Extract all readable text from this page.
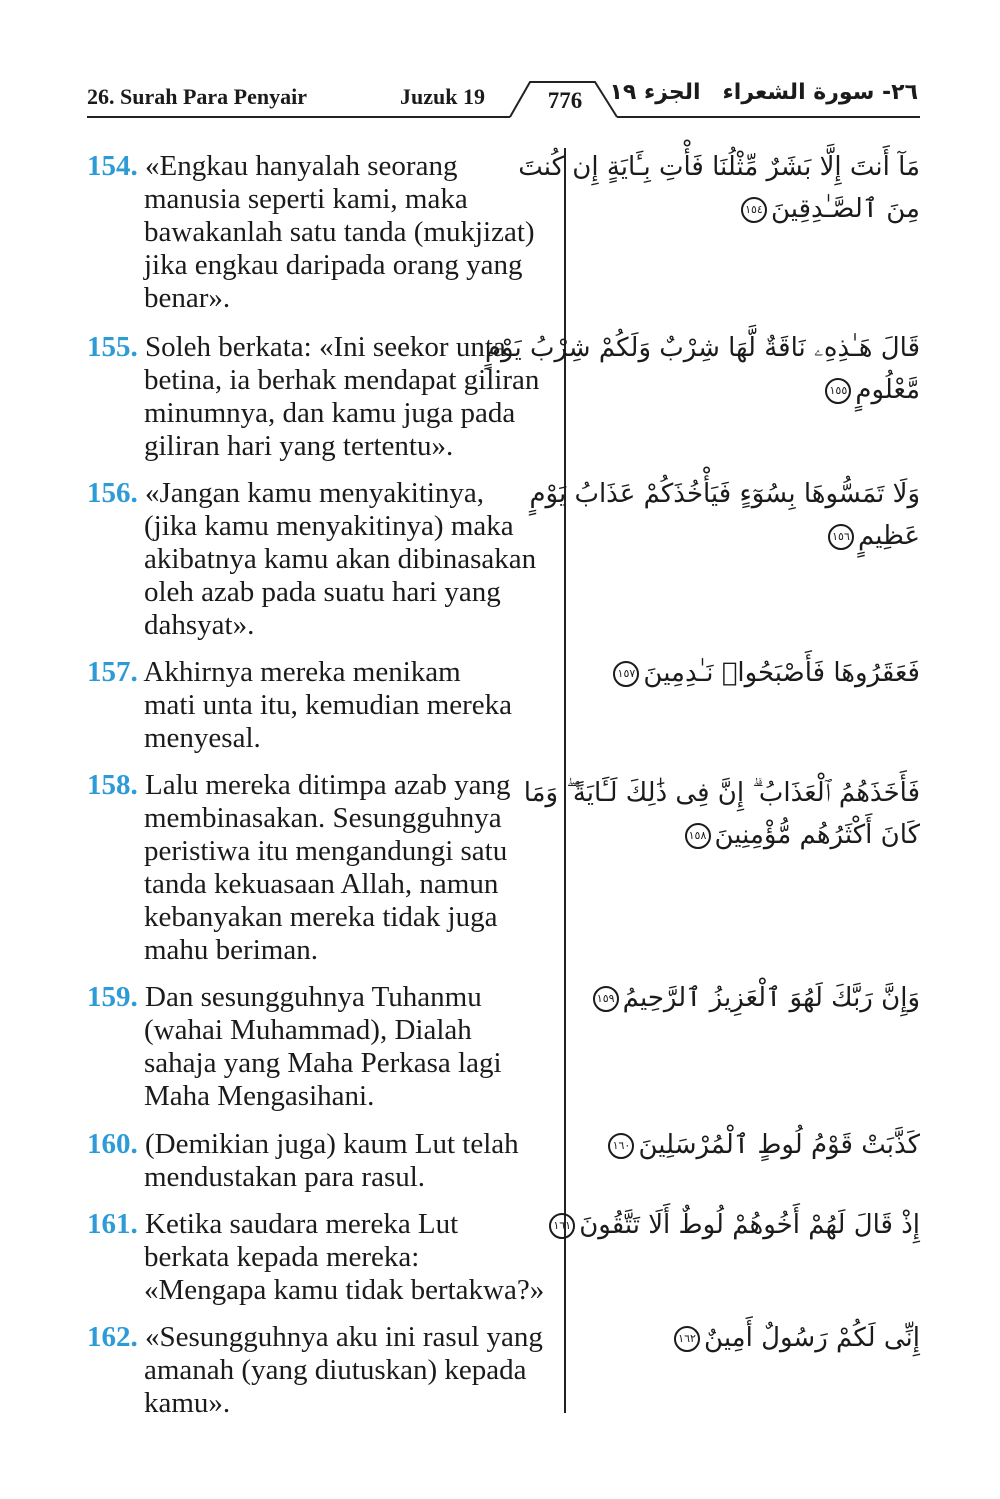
26. Surah Para Penyair	Juzuk 19	776	الجزء ١٩ ٢٦- سورة الشعراء
154. «Engkau hanyalah seorang
manusia seperti kami, maka
bawakanlah satu tanda (mukjizat)
jika engkau daripada orang yang
benar».
مَآ أَنتَ إِلَّا بَشَرٌ مِّثْلُنَا فَأْتِ بِـَٔايَةٍ إِن كُنتَ
مِنَ ٱلصَّـٰدِقِينَ١٥٤
155. Soleh berkata: «Ini seekor unta
betina, ia berhak mendapat giliran
minumnya, dan kamu juga pada
giliran hari yang tertentu».
قَالَ هَـٰذِهِۦ نَاقَةٌ لَّهَا شِرْبٌ وَلَكُمْ شِرْبُ يَوْمٍ
مَّعْلُومٍ١٥٥
156. «Jangan kamu menyakitinya,
(jika kamu menyakitinya) maka
akibatnya kamu akan dibinasakan
oleh azab pada suatu hari yang
dahsyat».
وَلَا تَمَسُّوهَا بِسُوٓءٍ فَيَأْخُذَكُمْ عَذَابُ يَوْمٍ
عَظِيمٍ١٥٦
157. Akhirnya mereka menikam
mati unta itu, kemudian mereka
menyesal.
فَعَقَرُوهَا فَأَصْبَحُوا۟ نَـٰدِمِينَ١٥٧
158. Lalu mereka ditimpa azab yang
membinasakan. Sesungguhnya
peristiwa itu mengandungi satu
tanda kekuasaan Allah, namun
kebanyakan mereka tidak juga
mahu beriman.
فَأَخَذَهُمُ ٱلْعَذَابُ ۗ إِنَّ فِى ذَٰلِكَ لَـَٔايَةً ۖ وَمَا
كَانَ أَكْثَرُهُم مُّؤْمِنِينَ١٥٨
159. Dan sesungguhnya Tuhanmu
(wahai Muhammad), Dialah
sahaja yang Maha Perkasa lagi
Maha Mengasihani.
وَإِنَّ رَبَّكَ لَهُوَ ٱلْعَزِيزُ ٱلرَّحِيمُ١٥٩
160. (Demikian juga) kaum Lut telah
mendustakan para rasul.
كَذَّبَتْ قَوْمُ لُوطٍ ٱلْمُرْسَلِينَ١٦٠
161. Ketika saudara mereka Lut
berkata kepada mereka:
«Mengapa kamu tidak bertakwa?»
إِذْ قَالَ لَهُمْ أَخُوهُمْ لُوطٌ أَلَا تَتَّقُونَ١٦١
162. «Sesungguhnya aku ini rasul yang
amanah (yang diutuskan) kepada
kamu».
إِنِّى لَكُمْ رَسُولٌ أَمِينٌ١٦٢
